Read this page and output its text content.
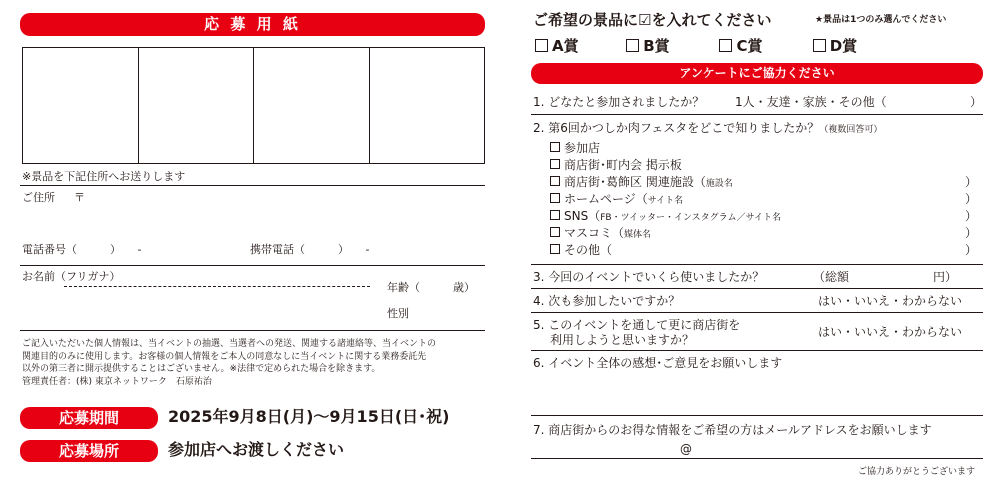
応 募 用 紙
※景品を下記住所へお送りします
ご住所 〒
電話番号（　　　）　　-	携帯電話（　　　）　　-
お名前（フリガナ）
年齢（　　　歳）
性別
ご記入いただいた個人情報は、当イベントの抽選、当選者への発送、関連する諸連絡等、当イベントの
関連目的のみに使用します。お客様の個人情報をご本人の同意なしに当イベントに関する業務委託先
以外の第三者に開示提供することはございません。※法律で定められた場合を除きます。
管理責任者：(株) 東京ネットワーク　石原祐治
応募期間	2025年9月8日(月)～9月15日(日･祝)
応募場所	参加店へお渡しください
ご希望の景品に☑を入れてください	★景品は1つのみ選んでください
A賞	B賞	C賞	D賞
アンケートにご協力ください
1. どなたと参加されましたか？	1人・友達・家族・その他（	）
2. 第6回かつしか肉フェスタをどこで知りましたか？（複数回答可）
参加店
商店街･町内会 掲示板
商店街･葛飾区 関連施設（施設名	）
ホームページ（サイト名	）
SNS（FB・ツイッター・インスタグラム／サイト名	）
マスコミ（媒体名	）
その他（	）
3. 今回のイベントでいくら使いましたか？	（総額　　　　　　　円）
4. 次も参加したいですか？	はい・いいえ・わからない
5. このイベントを通して更に商店街を
利用しようと思いますか？
はい・いいえ・わからない
6. イベント全体の感想･ご意見をお願いします
7. 商店街からのお得な情報をご希望の方はメールアドレスをお願いします
@
ご協力ありがとうございます
